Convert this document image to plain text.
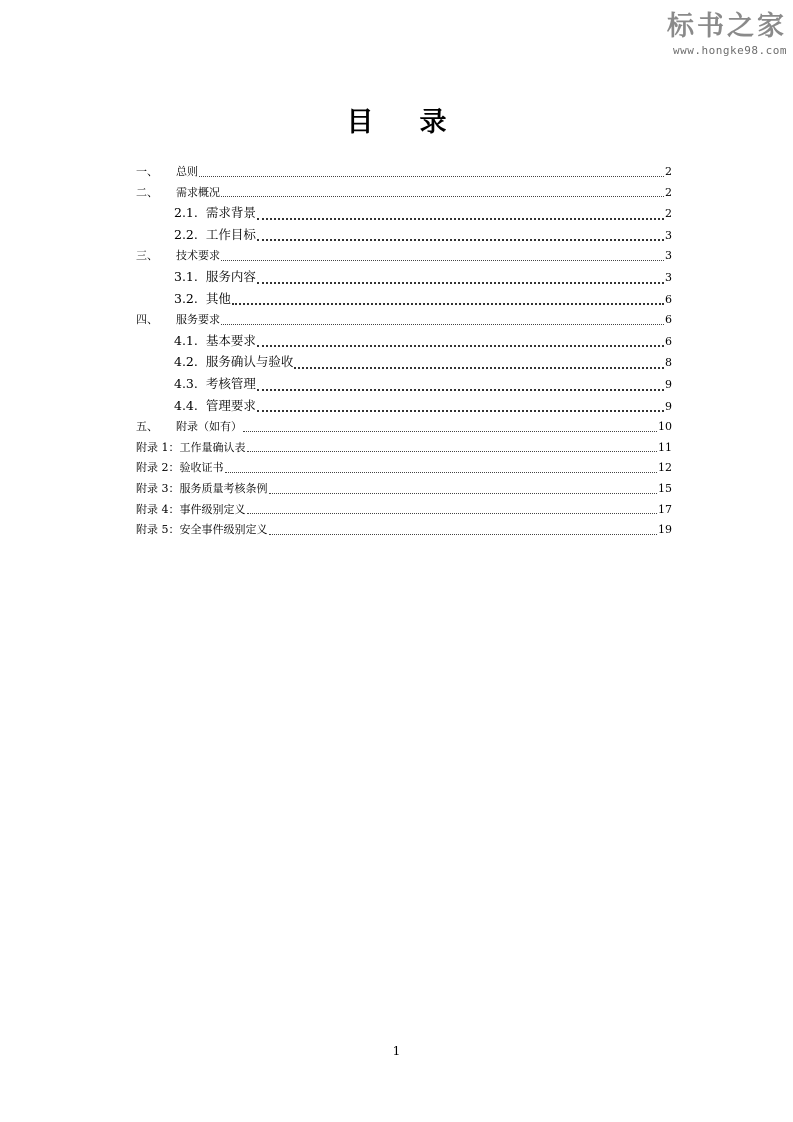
标书之家
www.hongke98.com
目录
一、	总则	2
二、	需求概况	2
2.1. 需求背景	2
2.2. 工作目标	3
三、	技术要求	3
3.1. 服务内容	3
3.2. 其他	6
四、	服务要求	6
4.1. 基本要求	6
4.2. 服务确认与验收	8
4.3. 考核管理	9
4.4. 管理要求	9
五、	附录（如有）	10
附录 1： 工作量确认表	11
附录 2： 验收证书	12
附录 3： 服务质量考核条例	15
附录 4： 事件级别定义	17
附录 5： 安全事件级别定义	19
1
